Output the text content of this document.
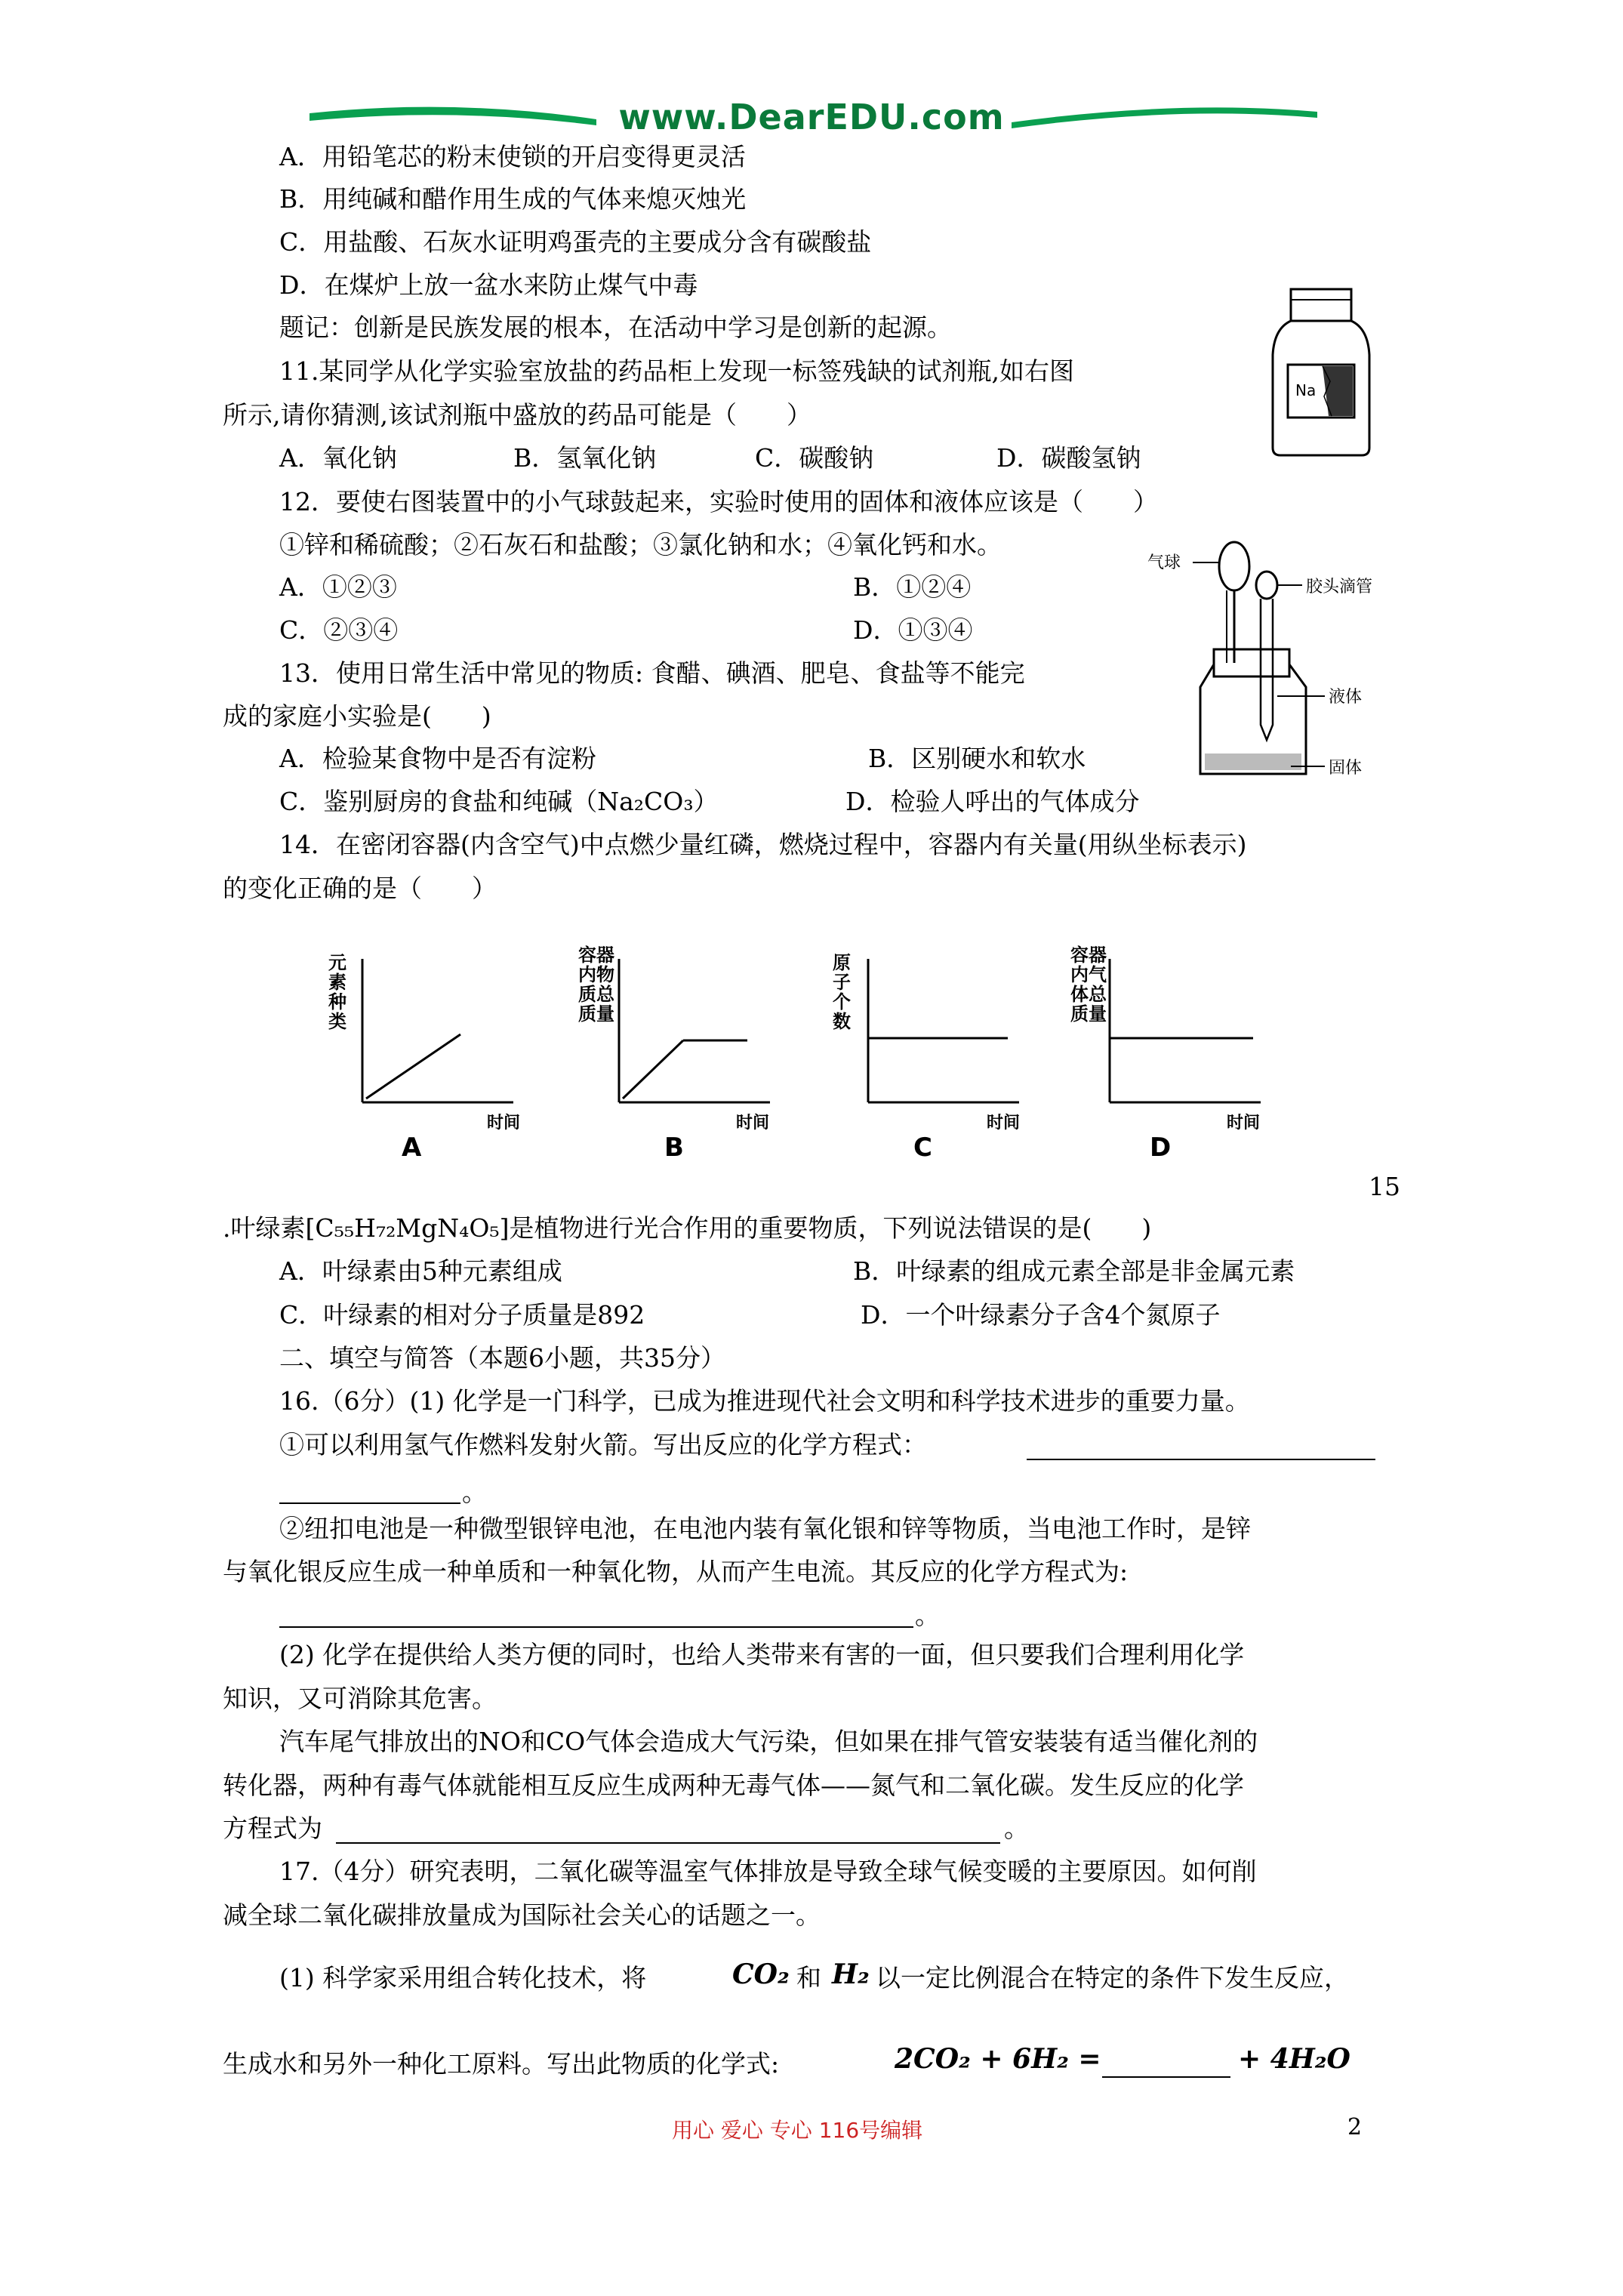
www.DearEDU.com
A．用铅笔芯的粉末使锁的开启变得更灵活
B．用纯碱和醋作用生成的气体来熄灭烛光
C．用盐酸、石灰水证明鸡蛋壳的主要成分含有碳酸盐
D．在煤炉上放一盆水来防止煤气中毒
题记：创新是民族发展的根本，在活动中学习是创新的起源。
11.某同学从化学实验室放盐的药品柜上发现一标签残缺的试剂瓶,如右图
所示,请你猜测,该试剂瓶中盛放的药品可能是（　　）
A．氧化钠	B．氢氧化钠	C．碳酸钠	D．碳酸氢钠
Na
12．要使右图装置中的小气球鼓起来，实验时使用的固体和液体应该是（　　）
①锌和稀硫酸；②石灰石和盐酸；③氯化钠和水；④氧化钙和水。
A．①②③	B．①②④
C．②③④	D．①③④
气球
胶头滴管
液体
固体
13．使用日常生活中常见的物质: 食醋、碘酒、肥皂、食盐等不能完
成的家庭小实验是(　　)
A．检验某食物中是否有淀粉	B．区别硬水和软水
C．鉴别厨房的食盐和纯碱（Na₂CO₃）	D．检验人呼出的气体成分
14．在密闭容器(内含空气)中点燃少量红磷，燃烧过程中，容器内有关量(用纵坐标表示)
的变化正确的是（　　）
元素种类
容器内物质总质量
原子个数
容器内气体总质量
时间	时间	时间	时间
A	B	C	D
15
.叶绿素[C₅₅H₇₂MgN₄O₅]是植物进行光合作用的重要物质，下列说法错误的是(　　)
A．叶绿素由5种元素组成	B．叶绿素的组成元素全部是非金属元素
C．叶绿素的相对分子质量是892	D．一个叶绿素分子含4个氮原子
二、填空与简答（本题6小题，共35分）
16.（6分）(1) 化学是一门科学，已成为推进现代社会文明和科学技术进步的重要力量。
①可以利用氢气作燃料发射火箭。写出反应的化学方程式：
。
②纽扣电池是一种微型银锌电池，在电池内装有氧化银和锌等物质，当电池工作时，是锌
与氧化银反应生成一种单质和一种氧化物，从而产生电流。其反应的化学方程式为:
。
(2) 化学在提供给人类方便的同时，也给人类带来有害的一面，但只要我们合理利用化学
知识，又可消除其危害。
汽车尾气排放出的NO和CO气体会造成大气污染，但如果在排气管安装装有适当催化剂的
转化器，两种有毒气体就能相互反应生成两种无毒气体——氮气和二氧化碳。发生反应的化学
方程式为	。
17.（4分）研究表明，二氧化碳等温室气体排放是导致全球气候变暖的主要原因。如何削
减全球二氧化碳排放量成为国际社会关心的话题之一。
(1) 科学家采用组合转化技术，将	CO₂ 和 H₂ 以一定比例混合在特定的条件下发生反应，
生成水和另外一种化工原料。写出此物质的化学式:	2CO₂ + 6H₂ =	+ 4H₂O
用心 爱心 专心 116号编辑	2
